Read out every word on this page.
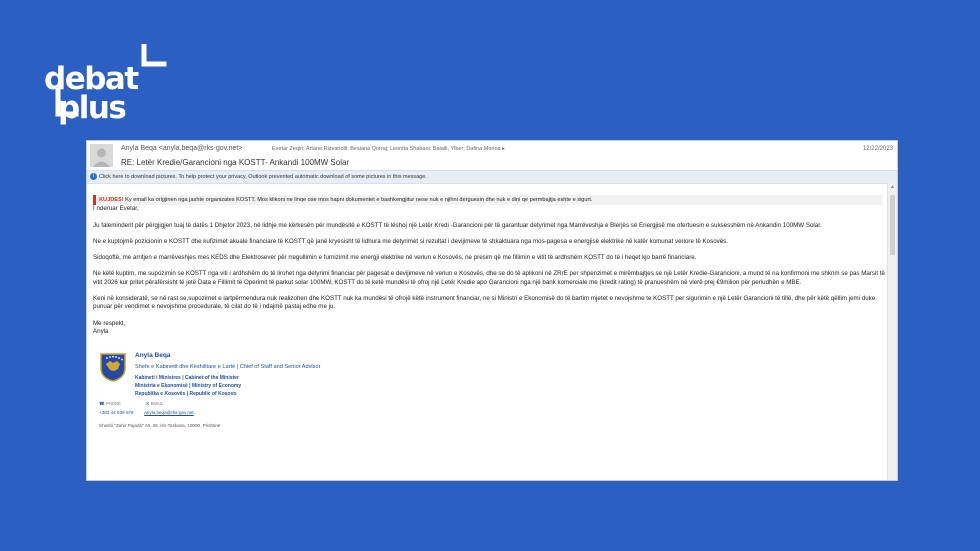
debat
plus
Anyla Beqa <anyla.beqa@rks-gov.net>	Evetar Zeqiri; Artane Rizvanolli; Besiana Qorraj; Leonita Shabani; Balalli, Ylber; Dafina Morina ▸	12/22/2023
RE: Letër Kredie/Garancioni nga KOSTT- Ankandi 100MW Solar
i Click here to download pictures. To help protect your privacy, Outlook prevented automatic download of some pictures in this message.
KUJDES! Ky email ka origjinen nga jashte organizates KOSTT. Mos klikoni ne linqe ose mos hapni dokumentet e bashkengjitur nese nuk e njihni derguesin dhe nuk e dini qe permbajtja eshte e sigurt.

I nderuar Evetar,

Ju faleminderit për përgjigjen tuaj të datës 1 Dhjetor 2023, në lidhje me kërkesën për mundësitë e KOSTT të lëshoj një Letër Kredi -Garancioni për të garantuar detyrimet nga Marrëveshja e Blerjës së Energjisë me ofertuesin e suksesshëm në Ankandin 100MW Solar.

Ne e kuptojmë pozicionin e KOSTT dhe kufizimet akuale financiare të KOSTT që janë kryesisht të lidhura me detyrimet si rezultat i devijimeve të shkaktuara nga mos-pagesa e energjisë elektrike në katër komunat veriore të Kosovës.

Sidoqoftë, me arritjen e marrëveshjes mes KEDS dhe Elektrosever për rregullimin e furnizimit me energji elektrike në veriun e Kosovës, ne presim që me fillimin e vitit të ardhshëm KOSTT do të i heqet kjo barrë financiare.

Ne këtë kuptim, me supozimin se KOSTT nga viti i ardhshëm do të lirohet nga detyrimi financiar për pagesat e devijimeve në veriun e Kosovës, dhe se do të aplikoni në ZRrE per shpenzimet e mirëmbajtjes se një Letër Kredie-Garancioni, a mund të na konfirmoni me shkrim se pas Marsit të vitit 2026 kur pritet përafërsisht të jetë Data e Fillimit të Operimit të parkut solar 100MW, KOSTT do të ketë mundësi të ofroj një Letër Kredie apo Garancioni nga një bank komerciale me (kredit rating) të pranueshëm në vlerë prej €9milion për periudhën e MBE.

Keni në konsideratë, se në rast se,supozimet e lartpërmendura nuk realizohen dhe KOSTT nuk ka mundësi të ofrojë këtë instrument financiar, ne si Ministri e Ekonomisë do të bartim mjetet e nevojshme te KOSTT per sigurimin e një Letër Garancioni të tillë, dhe për këtë qëllim jemi duke punuar për vendimet e nevojshme procedurale, të cilat do të i ndajmë pastaj edhe me ju.

Me respekt,

Anyla

Anyla Beqa
Shefe e Kabinetit dhe Këshilltare e Lartë | Chief of Staff and Senior Advisor
Kabineti i Ministres | Cabinet of the Minister
Ministria e Ekonomisë | Ministry of Economy
Republika e Kosovës | Republic of Kosovo
☎ PHONE	✉ EMAIL
+383 44 639 976 anyla.beqa@rks-gov.net
Sheshi "Zahir Pajaziti" Nr. 36, ish-Toskana, 10000, Prishtinë
▲
